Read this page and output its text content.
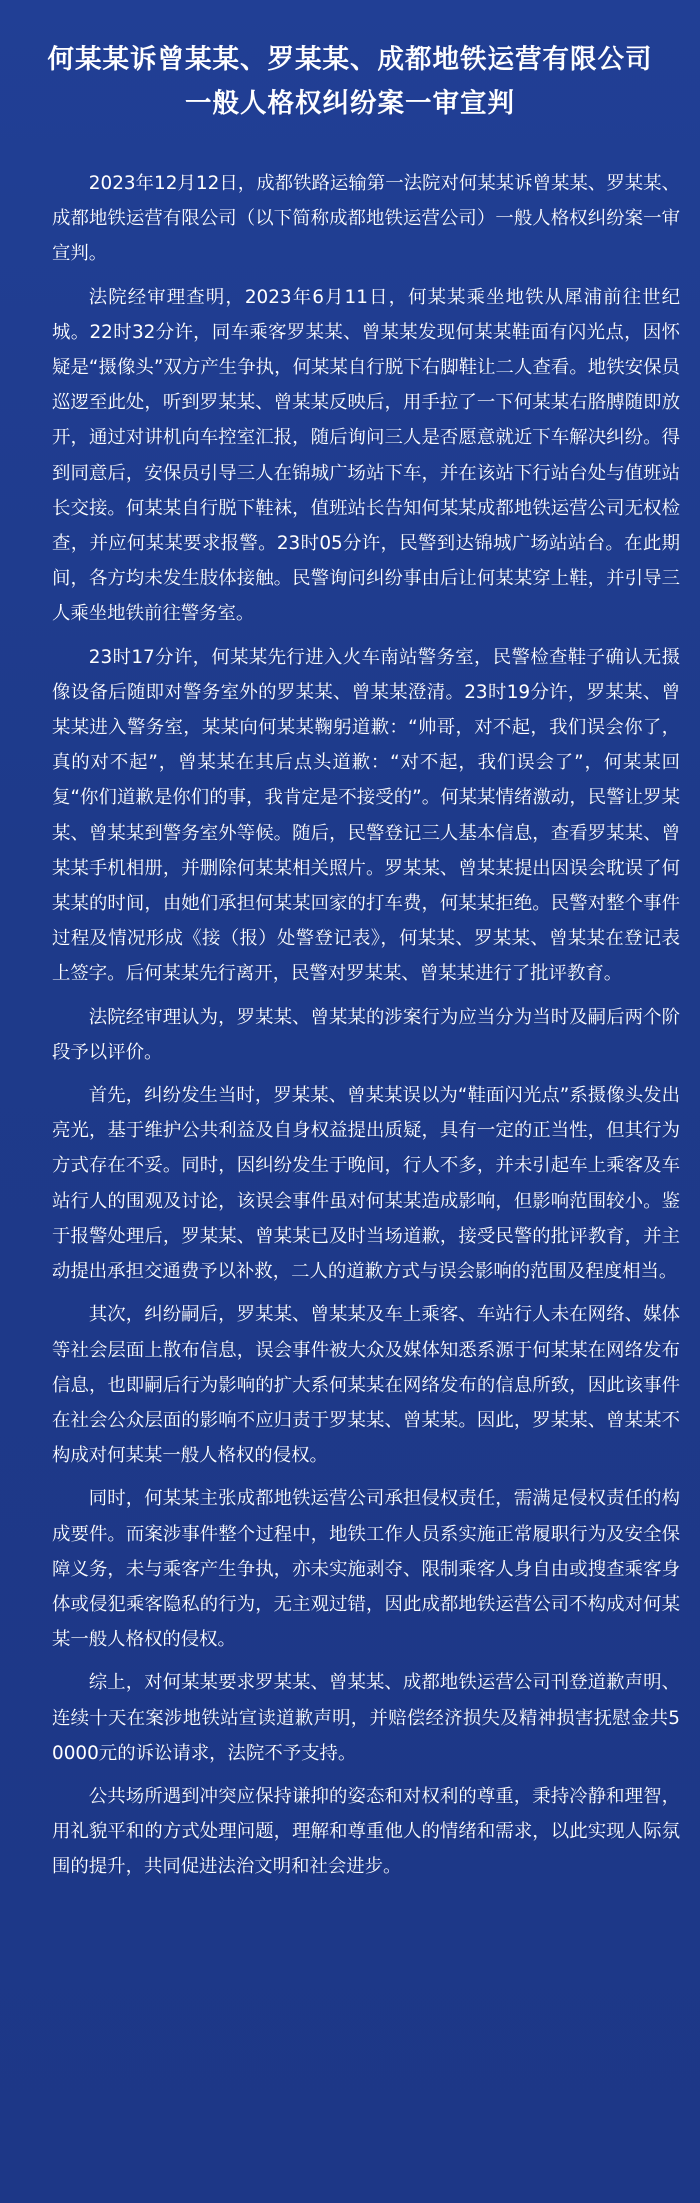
何某某诉曾某某、罗某某、成都地铁运营有限公司
一般人格权纠纷案一审宣判

2023年12月12日，成都铁路运输第一法院对何某某诉曾某某、罗某某、成都地铁运营有限公司（以下简称成都地铁运营公司）一般人格权纠纷案一审宣判。

法院经审理查明，2023年6月11日，何某某乘坐地铁从犀浦前往世纪城。22时32分许，同车乘客罗某某、曾某某发现何某某鞋面有闪光点，因怀疑是“摄像头”双方产生争执，何某某自行脱下右脚鞋让二人查看。地铁安保员巡逻至此处，听到罗某某、曾某某反映后，用手拉了一下何某某右胳膊随即放开，通过对讲机向车控室汇报，随后询问三人是否愿意就近下车解决纠纷。得到同意后，安保员引导三人在锦城广场站下车，并在该站下行站台处与值班站长交接。何某某自行脱下鞋袜，值班站长告知何某某成都地铁运营公司无权检查，并应何某某要求报警。23时05分许，民警到达锦城广场站站台。在此期间，各方均未发生肢体接触。民警询问纠纷事由后让何某某穿上鞋，并引导三人乘坐地铁前往警务室。

23时17分许，何某某先行进入火车南站警务室，民警检查鞋子确认无摄像设备后随即对警务室外的罗某某、曾某某澄清。23时19分许，罗某某、曾某某进入警务室，某某向何某某鞠躬道歉：“帅哥，对不起，我们误会你了，真的对不起”，曾某某在其后点头道歉：“对不起，我们误会了”，何某某回复“你们道歉是你们的事，我肯定是不接受的”。何某某情绪激动，民警让罗某某、曾某某到警务室外等候。随后，民警登记三人基本信息，查看罗某某、曾某某手机相册，并删除何某某相关照片。罗某某、曾某某提出因误会耽误了何某某的时间，由她们承担何某某回家的打车费，何某某拒绝。民警对整个事件过程及情况形成《接（报）处警登记表》，何某某、罗某某、曾某某在登记表上签字。后何某某先行离开，民警对罗某某、曾某某进行了批评教育。

法院经审理认为，罗某某、曾某某的涉案行为应当分为当时及嗣后两个阶段予以评价。

首先，纠纷发生当时，罗某某、曾某某误以为“鞋面闪光点”系摄像头发出亮光，基于维护公共利益及自身权益提出质疑，具有一定的正当性，但其行为方式存在不妥。同时，因纠纷发生于晚间，行人不多，并未引起车上乘客及车站行人的围观及讨论，该误会事件虽对何某某造成影响，但影响范围较小。鉴于报警处理后，罗某某、曾某某已及时当场道歉，接受民警的批评教育，并主动提出承担交通费予以补救，二人的道歉方式与误会影响的范围及程度相当。

其次，纠纷嗣后，罗某某、曾某某及车上乘客、车站行人未在网络、媒体等社会层面上散布信息，误会事件被大众及媒体知悉系源于何某某在网络发布信息，也即嗣后行为影响的扩大系何某某在网络发布的信息所致，因此该事件在社会公众层面的影响不应归责于罗某某、曾某某。因此，罗某某、曾某某不构成对何某某一般人格权的侵权。

同时，何某某主张成都地铁运营公司承担侵权责任，需满足侵权责任的构成要件。而案涉事件整个过程中，地铁工作人员系实施正常履职行为及安全保障义务，未与乘客产生争执，亦未实施剥夺、限制乘客人身自由或搜查乘客身体或侵犯乘客隐私的行为，无主观过错，因此成都地铁运营公司不构成对何某某一般人格权的侵权。

综上，对何某某要求罗某某、曾某某、成都地铁运营公司刊登道歉声明、连续十天在案涉地铁站宣读道歉声明，并赔偿经济损失及精神损害抚慰金共50000元的诉讼请求，法院不予支持。

公共场所遇到冲突应保持谦抑的姿态和对权利的尊重，秉持冷静和理智，用礼貌平和的方式处理问题，理解和尊重他人的情绪和需求，以此实现人际氛围的提升，共同促进法治文明和社会进步。
